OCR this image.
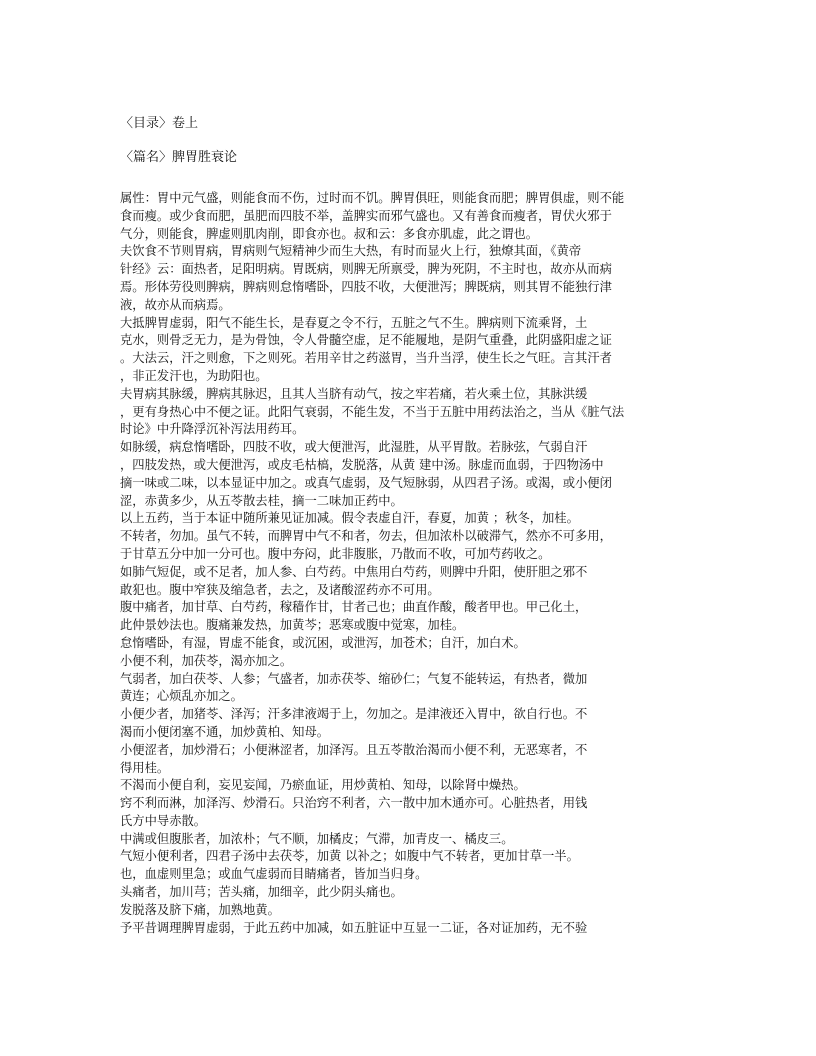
〈目录〉卷上

〈篇名〉脾胃胜衰论

属性：胃中元气盛，则能食而不伤，过时而不饥。脾胃俱旺，则能食而肥；脾胃俱虚，则不能
食而瘦。或少食而肥，虽肥而四肢不举，盖脾实而邪气盛也。又有善食而瘦者，胃伏火邪于
气分，则能食，脾虚则肌肉削，即食亦也。叔和云：多食亦肌虚，此之谓也。
夫饮食不节则胃病，胃病则气短精神少而生大热，有时而显火上行，独燎其面，《黄帝
针经》云：面热者，足阳明病。胃既病，则脾无所禀受，脾为死阴，不主时也，故亦从而病
焉。形体劳役则脾病，脾病则怠惰嗜卧，四肢不收，大便泄泻；脾既病，则其胃不能独行津
液，故亦从而病焉。
大抵脾胃虚弱，阳气不能生长，是春夏之令不行，五脏之气不生。脾病则下流乘肾，土
克水，则骨乏无力，是为骨蚀，令人骨髓空虚，足不能履地，是阴气重叠，此阴盛阳虚之证
。大法云，汗之则愈，下之则死。若用辛甘之药滋胃，当升当浮，使生长之气旺。言其汗者
，非正发汗也，为助阳也。
夫胃病其脉缓，脾病其脉迟，且其人当脐有动气，按之牢若痛，若火乘土位，其脉洪缓
，更有身热心中不便之证。此阳气衰弱，不能生发，不当于五脏中用药法治之，当从《脏气法
时论》中升降浮沉补泻法用药耳。
如脉缓，病怠惰嗜卧，四肢不收，或大便泄泻，此湿胜，从平胃散。若脉弦，气弱自汗
，四肢发热，或大便泄泻，或皮毛枯槁，发脱落，从黄 建中汤。脉虚而血弱，于四物汤中
摘一味或二味，以本显证中加之。或真气虚弱，及气短脉弱，从四君子汤。或渴，或小便闭
涩，赤黄多少，从五苓散去桂，摘一二味加正药中。
以上五药，当于本证中随所兼见证加减。假令表虚自汗，春夏，加黄 ；秋冬，加桂。
不转者，勿加。虽气不转，而脾胃中气不和者，勿去，但加浓朴以破滞气，然亦不可多用，
于甘草五分中加一分可也。腹中夯闷，此非腹胀，乃散而不收，可加芍药收之。
如肺气短促，或不足者，加人参、白芍药。中焦用白芍药，则脾中升阳，使肝胆之邪不
敢犯也。腹中窄狭及缩急者，去之，及诸酸涩药亦不可用。
腹中痛者，加甘草、白芍药，稼穑作甘，甘者己也；曲直作酸，酸者甲也。甲己化土，
此仲景妙法也。腹痛兼发热，加黄芩；恶寒或腹中觉寒，加桂。
怠惰嗜卧，有湿，胃虚不能食，或沉困，或泄泻，加苍术；自汗，加白术。
小便不利，加茯苓，渴亦加之。
气弱者，加白茯苓、人参；气盛者，加赤茯苓、缩砂仁；气复不能转运，有热者，微加
黄连；心烦乱亦加之。
小便少者，加猪苓、泽泻；汗多津液竭于上，勿加之。是津液还入胃中，欲自行也。不
渴而小便闭塞不通，加炒黄柏、知母。
小便涩者，加炒滑石；小便淋涩者，加泽泻。且五苓散治渴而小便不利，无恶寒者，不
得用桂。
不渴而小便自利，妄见妄闻，乃瘀血证，用炒黄柏、知母，以除肾中燥热。
窍不利而淋，加泽泻、炒滑石。只治窍不利者，六一散中加木通亦可。心脏热者，用钱
氏方中导赤散。
中满或但腹胀者，加浓朴；气不顺，加橘皮；气滞，加青皮一、橘皮三。
气短小便利者，四君子汤中去茯苓，加黄 以补之；如腹中气不转者，更加甘草一半。
也，血虚则里急；或血气虚弱而目睛痛者，皆加当归身。
头痛者，加川芎；苦头痛，加细辛，此少阴头痛也。
发脱落及脐下痛，加熟地黄。
予平昔调理脾胃虚弱，于此五药中加减，如五脏证中互显一二证，各对证加药，无不验
